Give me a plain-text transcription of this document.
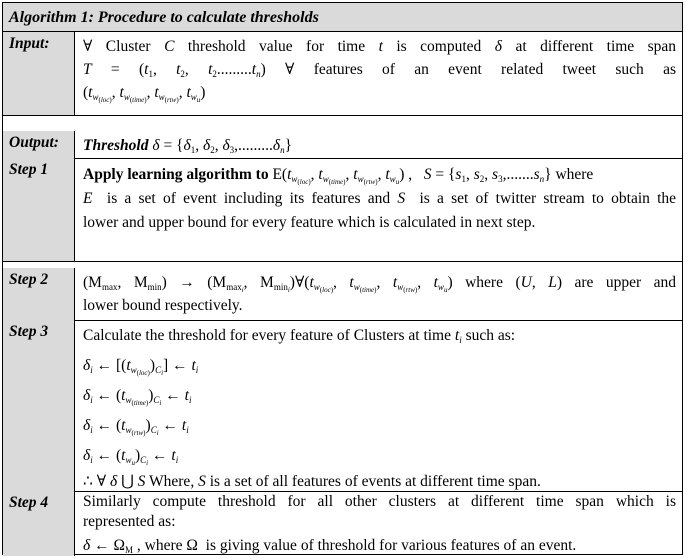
Algorithm 1: Procedure to calculate thresholds
Input:	∀ Cluster C threshold value for time t is computed δ at different time span
$T = (t_1$, $t_2$, $t_2.........t_n$) ∀ features of an event related tweet such as
($t_{w_{(loc)}}$, $t_{w_{(time)}}$, $t_{w_{(rtw)}}$, $t_{w_u}$)
Output:	Threshold $\delta = \{\delta_1$, $\delta_2$, $\delta_3,.........\delta_n$}
Step 1	Apply learning algorithm to $E(t_{w_{(loc)}}$, $t_{w_{(time)}}$, $t_{w_{(rtw)}}$, $t_{w_u}$) ,   $S = \{s_1$, $s_2$, $s_3,.......s_n$} where
E is a set of event including its features and S is a set of twitter stream to obtain the
lower and upper bound for every feature which is calculated in next step.
Step 2	($M_{max}$, $M_{min}) \to (M_{max_i}$, $M_{min_i})\forall(t_{w_{(loc)}}$, $t_{w_{(time)}}$, $t_{w_{(rtw)}}$, $t_{w_u}$) where (U, L) are upper and
lower bound respectively.
Step 3	Calculate the threshold for every feature of Clusters at time $t_i$ such as:
$\delta_i$ ← $[(t_{w_{(loc)}})_{C_i}]$ ← $t_i$
$\delta_i$ ← $(t_{w_{(time)}})_{C_i}$ ← $t_i$
$\delta_i$ ← $(t_{w_{(rtw)}})_{C_i}$ ← $t_i$
$\delta_i$ ← $(t_{w_u})_{C_i}$ ← $t_i$
∴ ∀ δ ⋃ S Where, S is a set of all features of events at different time span.
Step 4	Similarly compute threshold for all other clusters at different time span which is
represented as:
δ ← $\Omega_M$ , where Ω  is giving value of threshold for various features of an event.
